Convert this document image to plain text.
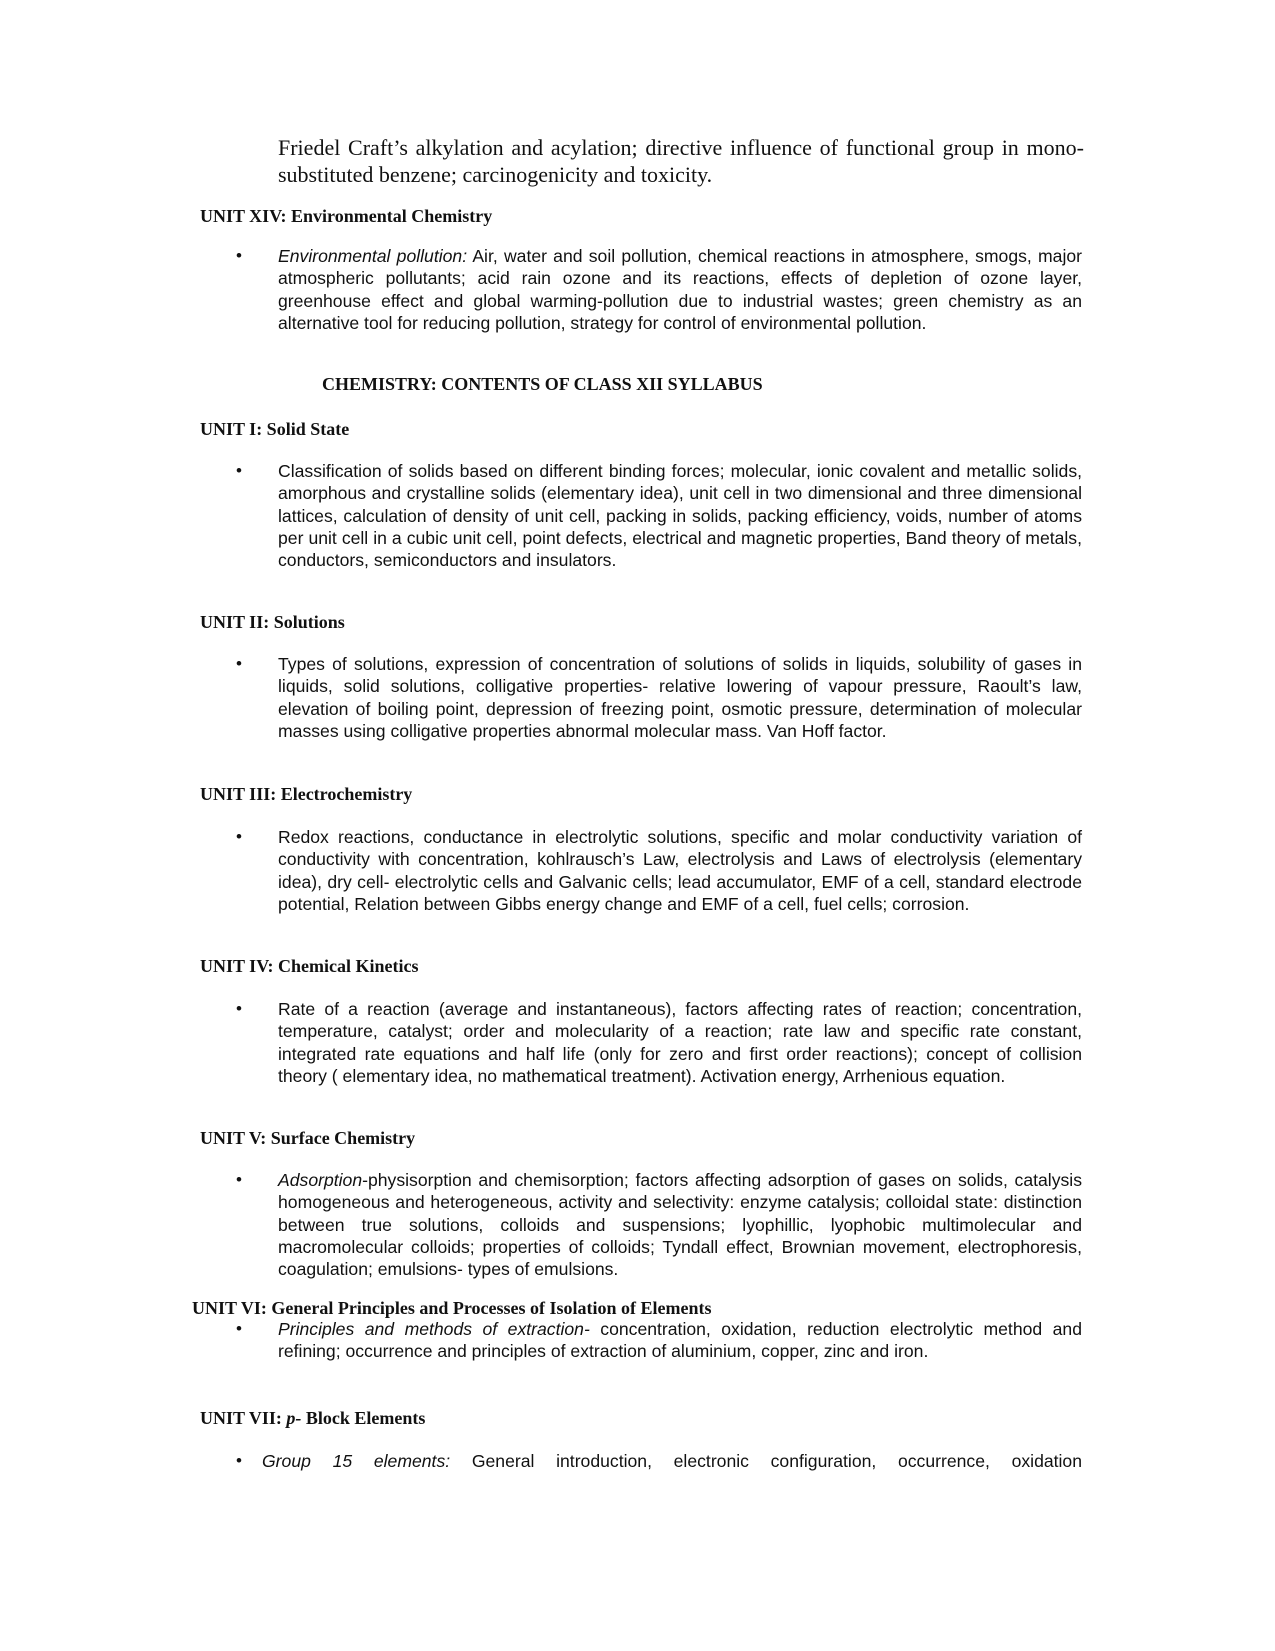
Friedel Craft’s alkylation and acylation; directive influence of functional group in mono-substituted benzene; carcinogenicity and toxicity.
UNIT XIV: Environmental Chemistry
• Environmental pollution: Air, water and soil pollution, chemical reactions in atmosphere, smogs, major atmospheric pollutants; acid rain ozone and its reactions, effects of depletion of ozone layer, greenhouse effect and global warming-pollution due to industrial wastes; green chemistry as an alternative tool for reducing pollution, strategy for control of environmental pollution.
CHEMISTRY: CONTENTS OF CLASS XII SYLLABUS
UNIT I: Solid State
• Classification of solids based on different binding forces; molecular, ionic covalent and metallic solids, amorphous and crystalline solids (elementary idea), unit cell in two dimensional and three dimensional lattices, calculation of density of unit cell, packing in solids, packing efficiency, voids, number of atoms per unit cell in a cubic unit cell, point defects, electrical and magnetic properties, Band theory of metals, conductors, semiconductors and insulators.
UNIT II: Solutions
• Types of solutions, expression of concentration of solutions of solids in liquids, solubility of gases in liquids, solid solutions, colligative properties- relative lowering of vapour pressure, Raoult’s law, elevation of boiling point, depression of freezing point, osmotic pressure, determination of molecular masses using colligative properties abnormal molecular mass. Van Hoff factor.
UNIT III: Electrochemistry
• Redox reactions, conductance in electrolytic solutions, specific and molar conductivity variation of conductivity with concentration, kohlrausch’s Law, electrolysis and Laws of electrolysis (elementary idea), dry cell- electrolytic cells and Galvanic cells; lead accumulator, EMF of a cell, standard electrode potential, Relation between Gibbs energy change and EMF of a cell, fuel cells; corrosion.
UNIT IV: Chemical Kinetics
• Rate of a reaction (average and instantaneous), factors affecting rates of reaction; concentration, temperature, catalyst; order and molecularity of a reaction; rate law and specific rate constant, integrated rate equations and half life (only for zero and first order reactions); concept of collision theory ( elementary idea, no mathematical treatment). Activation energy, Arrhenious equation.
UNIT V: Surface Chemistry
• Adsorption-physisorption and chemisorption; factors affecting adsorption of gases on solids, catalysis homogeneous and heterogeneous, activity and selectivity: enzyme catalysis; colloidal state: distinction between true solutions, colloids and suspensions; lyophillic, lyophobic multimolecular and macromolecular colloids; properties of colloids; Tyndall effect, Brownian movement, electrophoresis, coagulation; emulsions- types of emulsions.
UNIT VI: General Principles and Processes of Isolation of Elements
• Principles and methods of extraction- concentration, oxidation, reduction electrolytic method and refining; occurrence and principles of extraction of aluminium, copper, zinc and iron.
UNIT VII: p- Block Elements
• Group 15 elements: General introduction, electronic configuration, occurrence, oxidation
